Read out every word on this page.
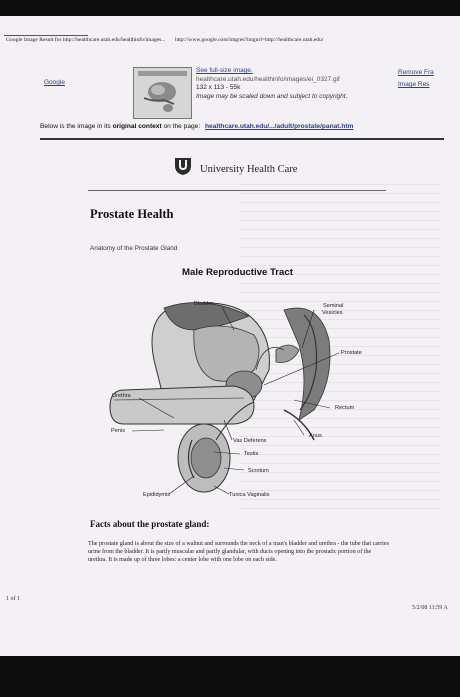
Google Image Result for http://healthcare.utah.edu/healthinfo/images... http://www.google.com/imgres?imgurl=http://healthcare.utah.edu/
Google
See full-size image.
healthcare.utah.edu/healthinfo/images/ei_0327.gif
132 x 113 - 55k
Image may be scaled down and subject to copyright.
Remove Fra
Image Res
Below is the image in its original context on the page: healthcare.utah.edu/.../adult/prostate/panat.htm
University Health Care
Prostate Health
Anatomy of the Prostate Gland
Male Reproductive Tract
Bladder	Seminal
Vesicles
Prostate
Urethra
Rectum
Anus
Penis
Vas Deferens
Testis
Scrotum
Epididymis	Tunica Vaginalis
Facts about the prostate gland:
The prostate gland is about the size of a walnut and surrounds the neck of a man's bladder and urethra - the tube that carries urine from the bladder. It is partly muscular and partly glandular, with ducts opening into the prostatic portion of the urethra. It is made up of three lobes: a center lobe with one lobe on each side.
1 of 1
5/2/08 11:59 A
